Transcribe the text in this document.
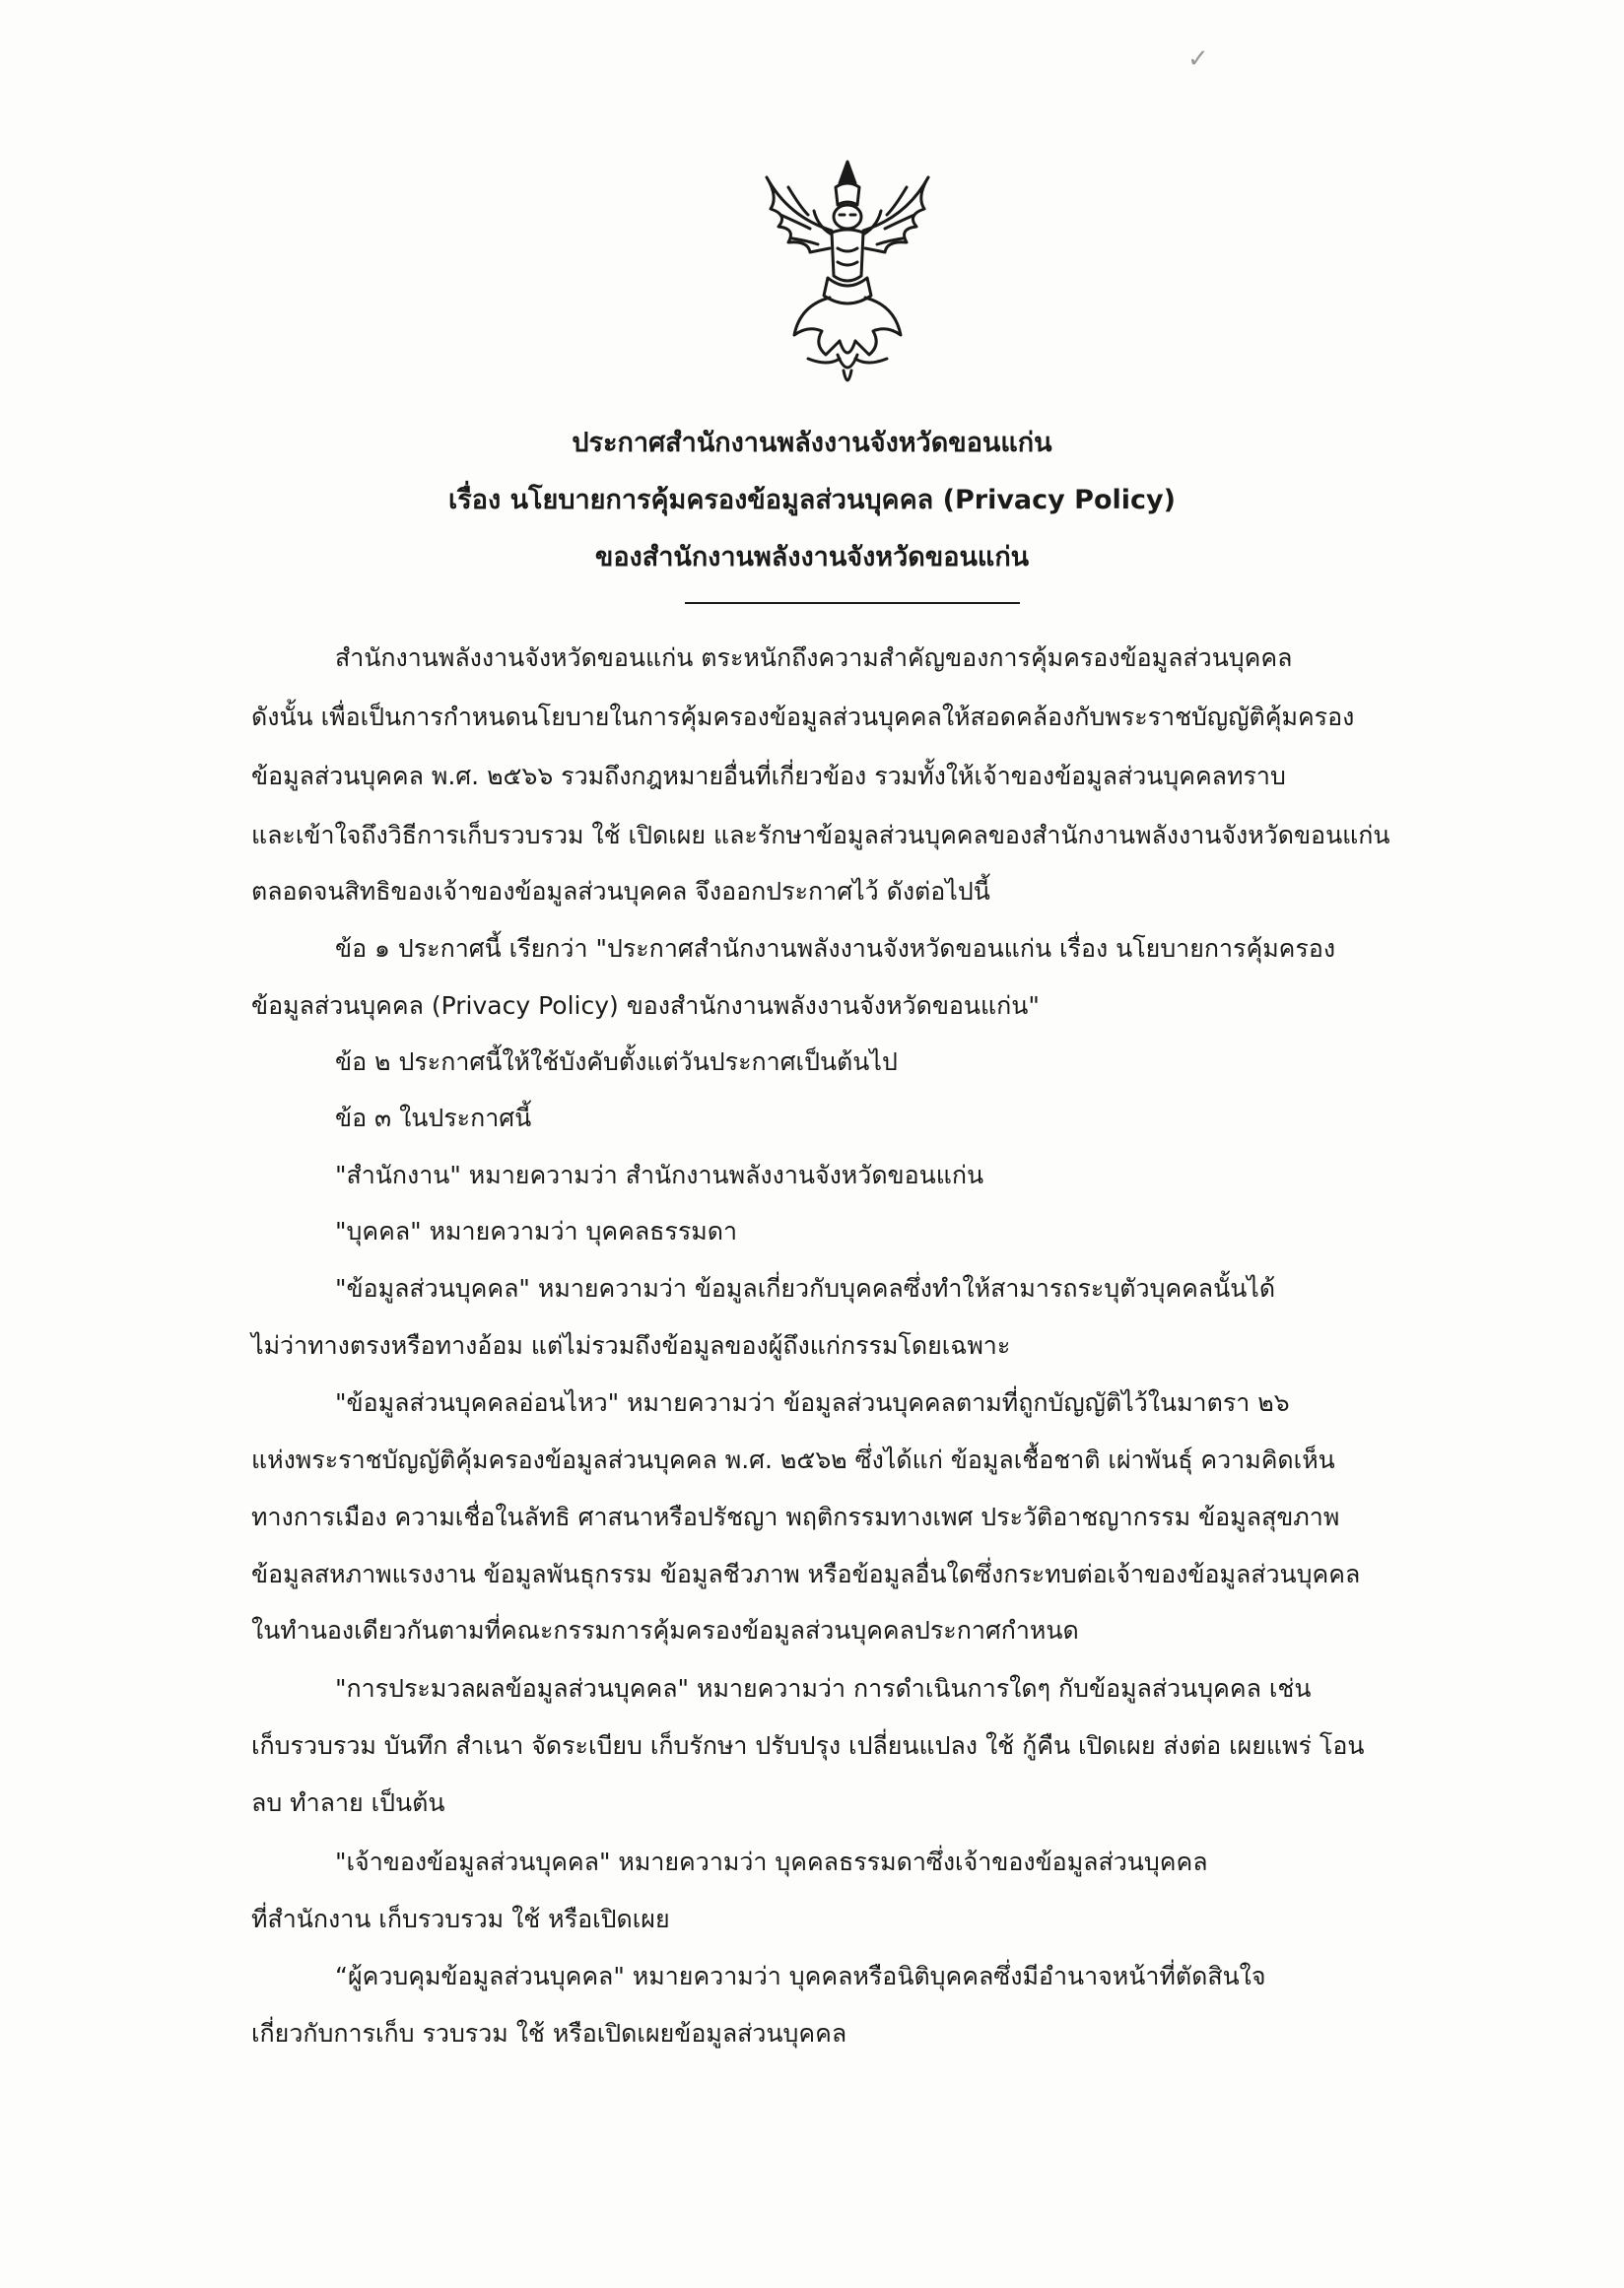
✓
ประกาศสำนักงานพลังงานจังหวัดขอนแก่น
เรื่อง นโยบายการคุ้มครองข้อมูลส่วนบุคคล (Privacy Policy)
ของสำนักงานพลังงานจังหวัดขอนแก่น
สำนักงานพลังงานจังหวัดขอนแก่น ตระหนักถึงความสำคัญของการคุ้มครองข้อมูลส่วนบุคคล
ดังนั้น เพื่อเป็นการกำหนดนโยบายในการคุ้มครองข้อมูลส่วนบุคคลให้สอดคล้องกับพระราชบัญญัติคุ้มครอง
ข้อมูลส่วนบุคคล พ.ศ. ๒๕๖๖ รวมถึงกฎหมายอื่นที่เกี่ยวข้อง รวมทั้งให้เจ้าของข้อมูลส่วนบุคคลทราบ
และเข้าใจถึงวิธีการเก็บรวบรวม ใช้ เปิดเผย และรักษาข้อมูลส่วนบุคคลของสำนักงานพลังงานจังหวัดขอนแก่น
ตลอดจนสิทธิของเจ้าของข้อมูลส่วนบุคคล จึงออกประกาศไว้ ดังต่อไปนี้
ข้อ ๑ ประกาศนี้ เรียกว่า "ประกาศสำนักงานพลังงานจังหวัดขอนแก่น เรื่อง นโยบายการคุ้มครอง
ข้อมูลส่วนบุคคล (Privacy Policy) ของสำนักงานพลังงานจังหวัดขอนแก่น"
ข้อ ๒ ประกาศนี้ให้ใช้บังคับตั้งแต่วันประกาศเป็นต้นไป
ข้อ ๓ ในประกาศนี้
"สำนักงาน" หมายความว่า สำนักงานพลังงานจังหวัดขอนแก่น
"บุคคล" หมายความว่า บุคคลธรรมดา
"ข้อมูลส่วนบุคคล" หมายความว่า ข้อมูลเกี่ยวกับบุคคลซึ่งทำให้สามารถระบุตัวบุคคลนั้นได้
ไม่ว่าทางตรงหรือทางอ้อม แต่ไม่รวมถึงข้อมูลของผู้ถึงแก่กรรมโดยเฉพาะ
"ข้อมูลส่วนบุคคลอ่อนไหว" หมายความว่า ข้อมูลส่วนบุคคลตามที่ถูกบัญญัติไว้ในมาตรา ๒๖
แห่งพระราชบัญญัติคุ้มครองข้อมูลส่วนบุคคล พ.ศ. ๒๕๖๒ ซึ่งได้แก่ ข้อมูลเชื้อชาติ เผ่าพันธุ์ ความคิดเห็น
ทางการเมือง ความเชื่อในลัทธิ ศาสนาหรือปรัชญา พฤติกรรมทางเพศ ประวัติอาชญากรรม ข้อมูลสุขภาพ
ข้อมูลสหภาพแรงงาน ข้อมูลพันธุกรรม ข้อมูลชีวภาพ หรือข้อมูลอื่นใดซึ่งกระทบต่อเจ้าของข้อมูลส่วนบุคคล
ในทำนองเดียวกันตามที่คณะกรรมการคุ้มครองข้อมูลส่วนบุคคลประกาศกำหนด
"การประมวลผลข้อมูลส่วนบุคคล" หมายความว่า การดำเนินการใดๆ กับข้อมูลส่วนบุคคล เช่น
เก็บรวบรวม บันทึก สำเนา จัดระเบียบ เก็บรักษา ปรับปรุง เปลี่ยนแปลง ใช้ กู้คืน เปิดเผย ส่งต่อ เผยแพร่ โอน
ลบ ทำลาย เป็นต้น
"เจ้าของข้อมูลส่วนบุคคล" หมายความว่า บุคคลธรรมดาซึ่งเจ้าของข้อมูลส่วนบุคคล
ที่สำนักงาน เก็บรวบรวม ใช้ หรือเปิดเผย
“ผู้ควบคุมข้อมูลส่วนบุคคล" หมายความว่า บุคคลหรือนิติบุคคลซึ่งมีอำนาจหน้าที่ตัดสินใจ
เกี่ยวกับการเก็บ รวบรวม ใช้ หรือเปิดเผยข้อมูลส่วนบุคคล
